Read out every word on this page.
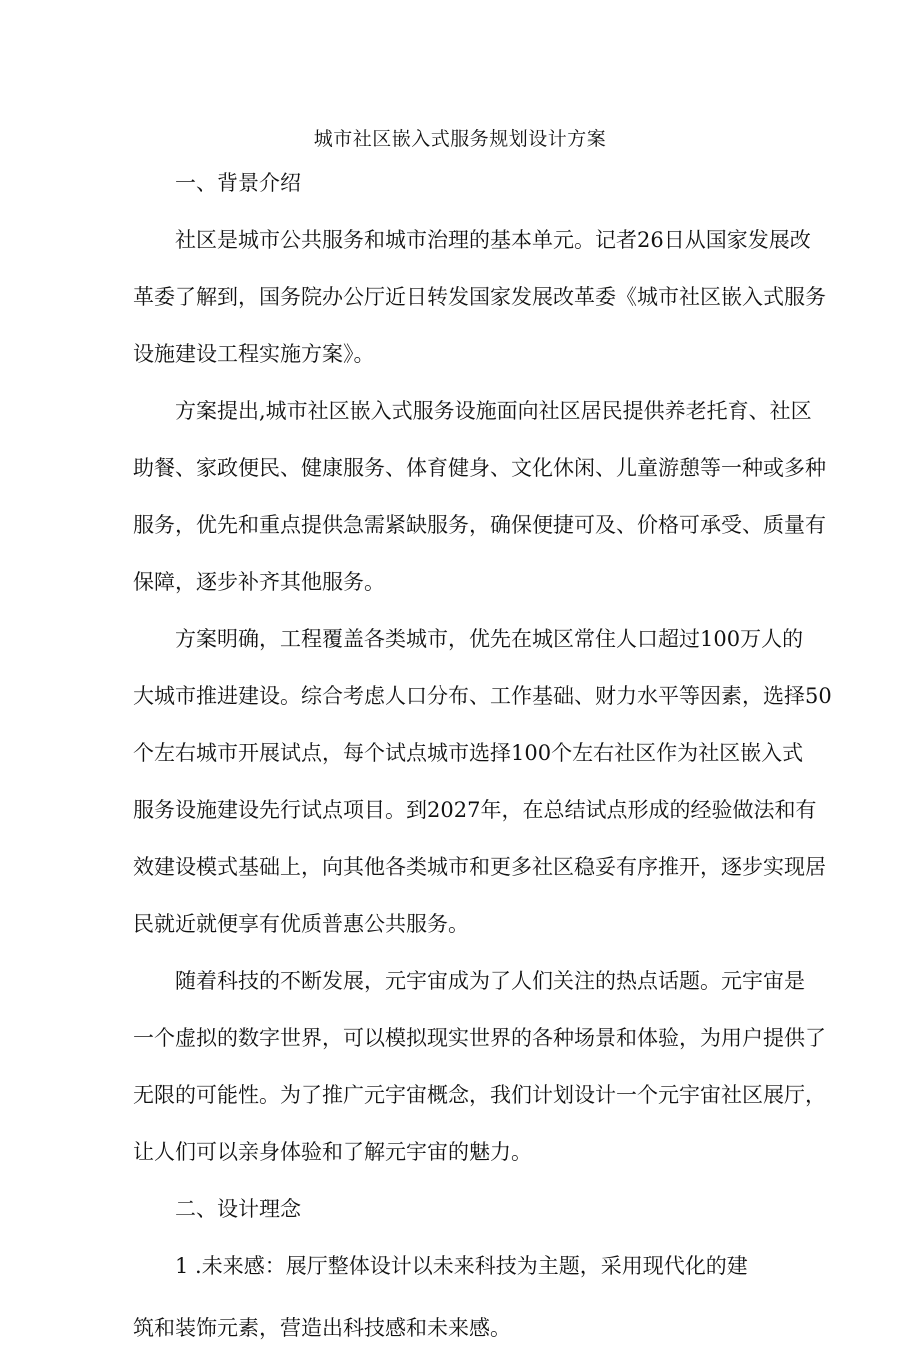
城市社区嵌入式服务规划设计方案
一、背景介绍
社区是城市公共服务和城市治理的基本单元。记者26日从国家发展改
革委了解到，国务院办公厅近日转发国家发展改革委《城市社区嵌入式服务
设施建设工程实施方案》。
方案提出,城市社区嵌入式服务设施面向社区居民提供养老托育、社区
助餐、家政便民、健康服务、体育健身、文化休闲、儿童游憩等一种或多种
服务，优先和重点提供急需紧缺服务，确保便捷可及、价格可承受、质量有
保障，逐步补齐其他服务。
方案明确，工程覆盖各类城市，优先在城区常住人口超过100万人的
大城市推进建设。综合考虑人口分布、工作基础、财力水平等因素，选择50
个左右城市开展试点，每个试点城市选择100个左右社区作为社区嵌入式
服务设施建设先行试点项目。到2027年，在总结试点形成的经验做法和有
效建设模式基础上，向其他各类城市和更多社区稳妥有序推开，逐步实现居
民就近就便享有优质普惠公共服务。
随着科技的不断发展，元宇宙成为了人们关注的热点话题。元宇宙是
一个虚拟的数字世界，可以模拟现实世界的各种场景和体验，为用户提供了
无限的可能性。为了推广元宇宙概念，我们计划设计一个元宇宙社区展厅，
让人们可以亲身体验和了解元宇宙的魅力。
二、设计理念
1 .未来感：展厅整体设计以未来科技为主题，采用现代化的建
筑和装饰元素，营造出科技感和未来感。
